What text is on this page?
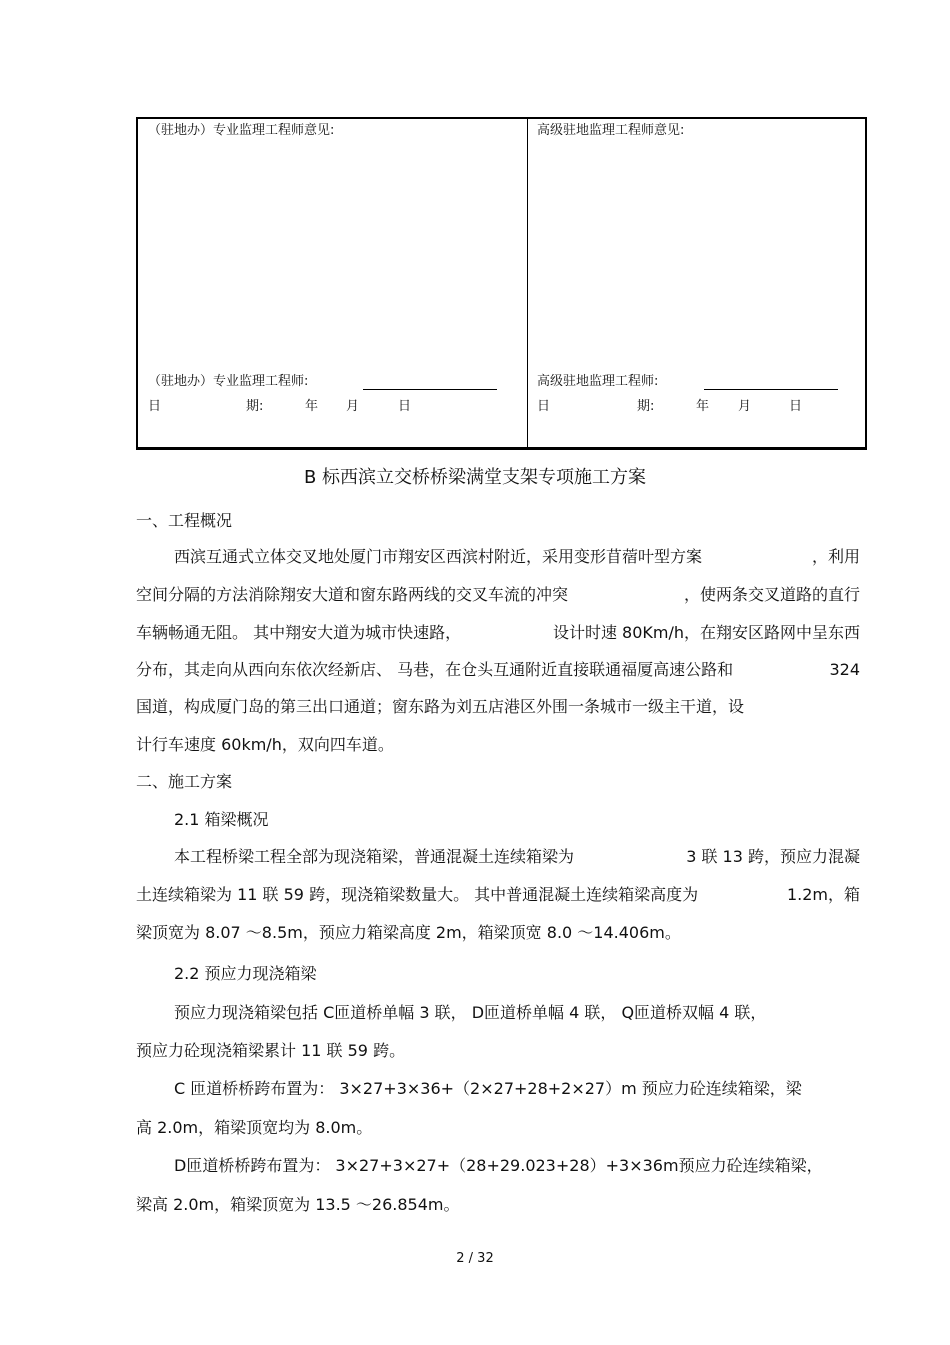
（驻地办）专业监理工程师意见:
（驻地办）专业监理工程师:
日	期:	年 月	日
高级驻地监理工程师意见:
高级驻地监理工程师:
日	期:	年 月	日
B 标西滨立交桥桥梁满堂支架专项施工方案
一、工程概况
西滨互通式立体交叉地处厦门市翔安区西滨村附近，采用变形苜蓿叶型方案	，利用
空间分隔的方法消除翔安大道和窗东路两线的交叉车流的冲突	，使两条交叉道路的直行
车辆畅通无阻。 其中翔安大道为城市快速路，	设计时速 80Km/h，在翔安区路网中呈东西
分布，其走向从西向东依次经新店、 马巷，在仓头互通附近直接联通福厦高速公路和	324
国道，构成厦门岛的第三出口通道；窗东路为刘五店港区外围一条城市一级主干道，设
计行车速度 60km/h，双向四车道。
二、施工方案
2.1 箱梁概况
本工程桥梁工程全部为现浇箱梁，普通混凝土连续箱梁为	3 联 13 跨，预应力混凝
土连续箱梁为 11 联 59 跨，现浇箱梁数量大。 其中普通混凝土连续箱梁高度为	1.2m，箱
梁顶宽为 8.07 ～8.5m，预应力箱梁高度 2m，箱梁顶宽 8.0 ～14.406m。
2.2 预应力现浇箱梁
预应力现浇箱梁包括 C匝道桥单幅 3 联， D匝道桥单幅 4 联， Q匝道桥双幅 4 联，
预应力砼现浇箱梁累计 11 联 59 跨。
C 匝道桥桥跨布置为： 3×27+3×36+（2×27+28+2×27）m 预应力砼连续箱梁，梁
高 2.0m，箱梁顶宽均为 8.0m。
D匝道桥桥跨布置为： 3×27+3×27+（28+29.023+28）+3×36m预应力砼连续箱梁，
梁高 2.0m，箱梁顶宽为 13.5 ～26.854m。
2 / 32
